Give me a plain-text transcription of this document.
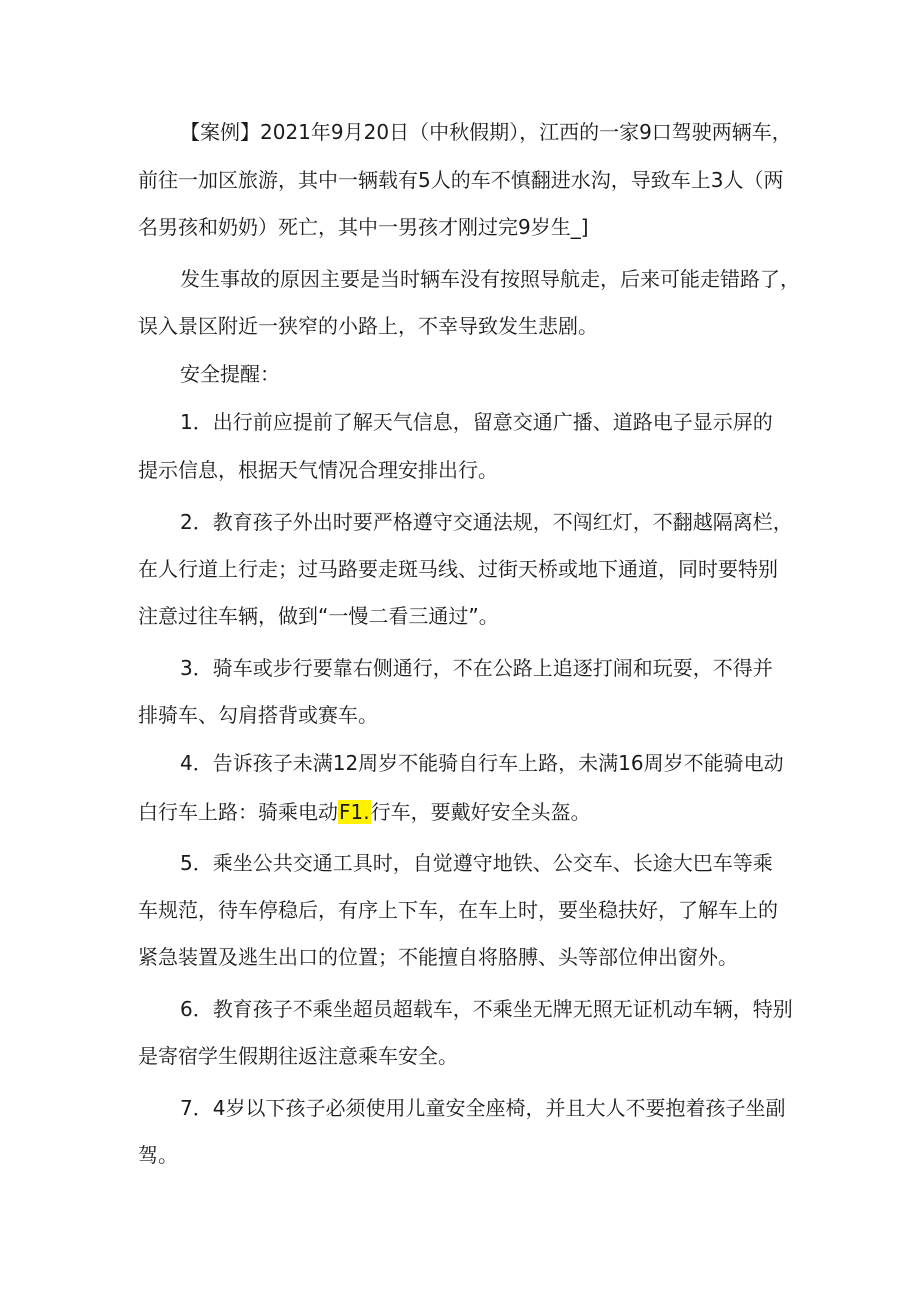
【案例】2021年9月20日（中秋假期），江西的一家9口驾驶两辆车，
前往一加区旅游，其中一辆载有5人的车不慎翻进水沟，导致车上3人（两
名男孩和奶奶）死亡，其中一男孩才刚过完9岁生_]
发生事故的原因主要是当时辆车没有按照导航走，后来可能走错路了，
误入景区附近一狭窄的小路上，不幸导致发生悲剧。
安全提醒：
1．出行前应提前了解天气信息，留意交通广播、道路电子显示屏的
提示信息，根据天气情况合理安排出行。
2．教育孩子外出时要严格遵守交通法规，不闯红灯，不翻越隔离栏，
在人行道上行走；过马路要走斑马线、过街天桥或地下通道，同时要特别
注意过往车辆，做到“一慢二看三通过”。
3．骑车或步行要靠右侧通行，不在公路上追逐打闹和玩耍，不得并
排骑车、勾肩搭背或赛车。
4．告诉孩子未满12周岁不能骑自行车上路，未满16周岁不能骑电动
白行车上路：骑乘电动F1.行车，要戴好安全头盔。
5．乘坐公共交通工具时，自觉遵守地铁、公交车、长途大巴车等乘
车规范，待车停稳后，有序上下车，在车上时，要坐稳扶好，了解车上的
紧急装置及逃生出口的位置；不能擅自将胳膊、头等部位伸出窗外。
6．教育孩子不乘坐超员超载车，不乘坐无牌无照无证机动车辆，特别
是寄宿学生假期往返注意乘车安全。
7．4岁以下孩子必须使用儿童安全座椅，并且大人不要抱着孩子坐副
驾。
